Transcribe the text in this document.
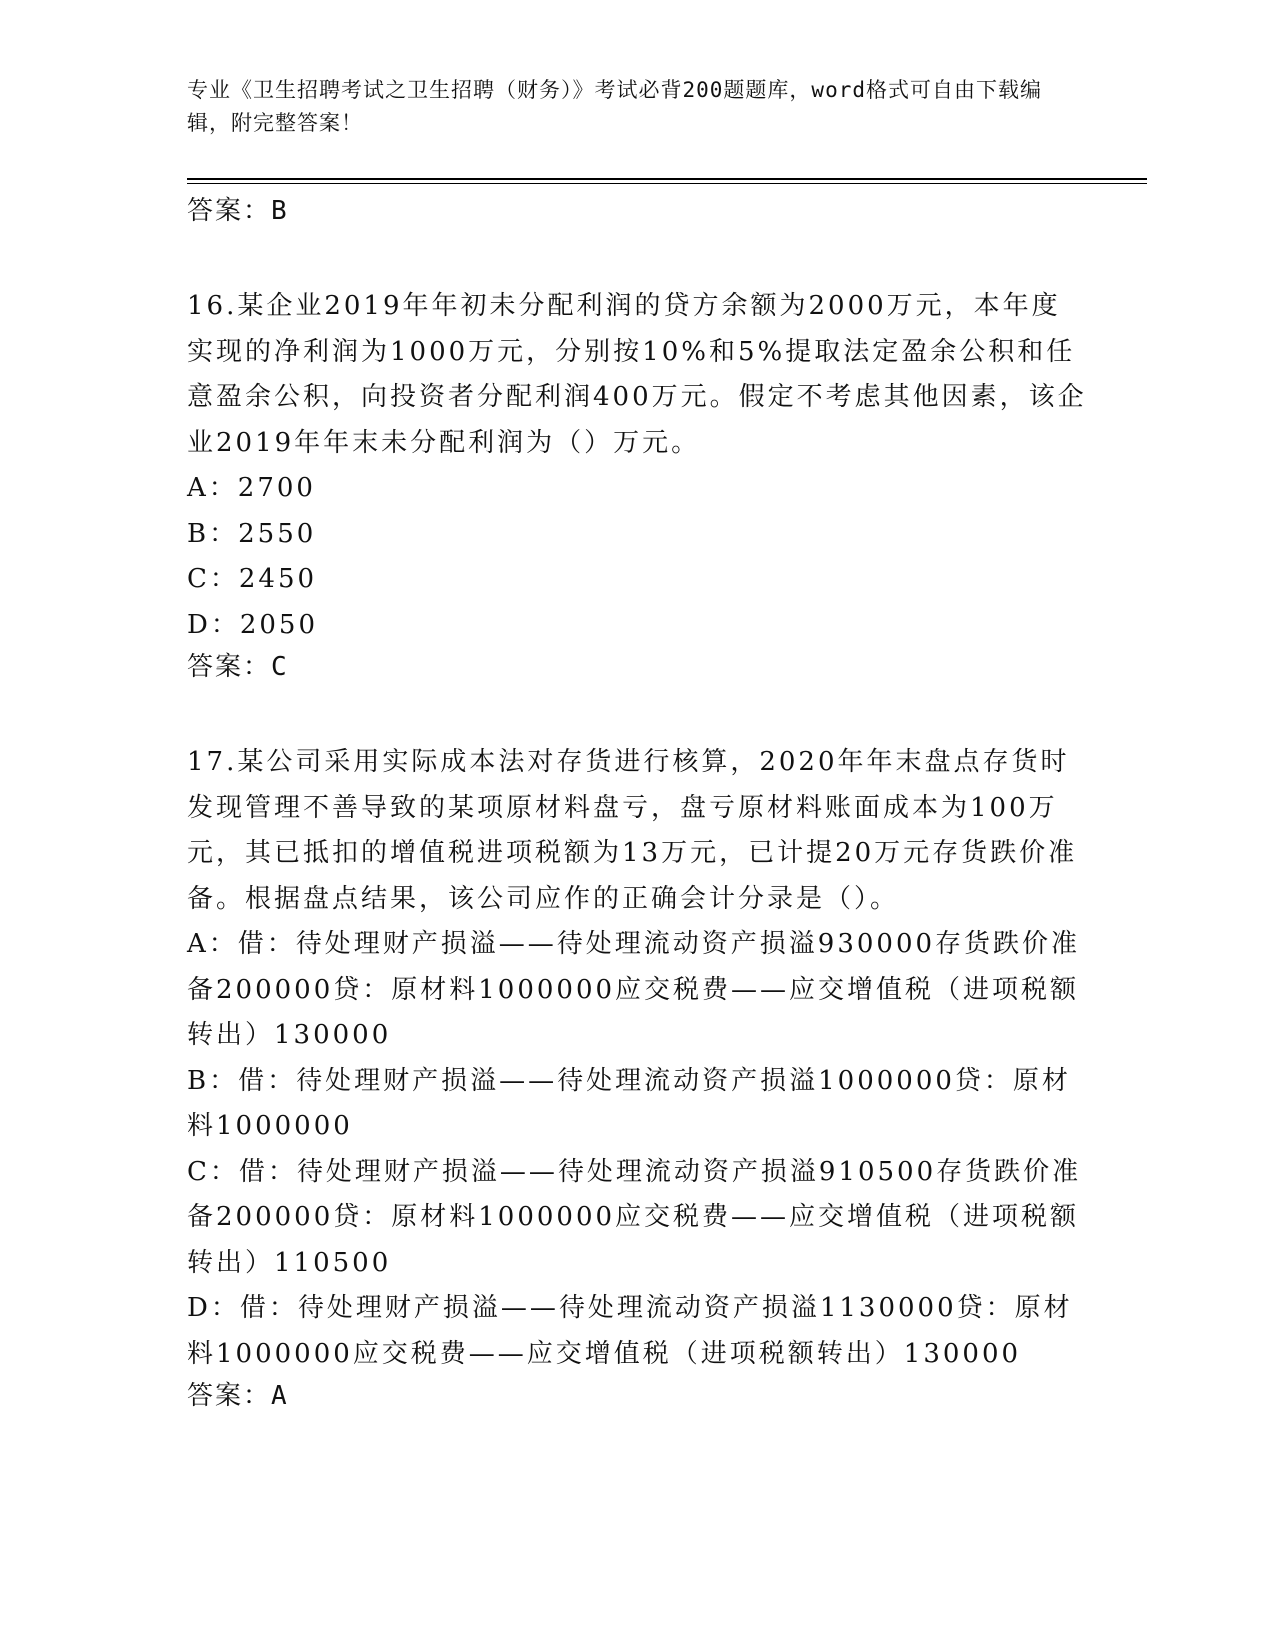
专业《卫生招聘考试之卫生招聘（财务）》考试必背200题题库，word格式可自由下载编辑，附完整答案！

答案：B

16.某企业2019年年初未分配利润的贷方余额为2000万元，本年度实现的净利润为1000万元，分别按10%和5%提取法定盈余公积和任意盈余公积，向投资者分配利润400万元。假定不考虑其他因素，该企业2019年年末未分配利润为（）万元。

A：2700

B：2550

C：2450

D：2050

答案：C

17.某公司采用实际成本法对存货进行核算，2020年年末盘点存货时发现管理不善导致的某项原材料盘亏，盘亏原材料账面成本为100万元，其已抵扣的增值税进项税额为13万元，已计提20万元存货跌价准备。根据盘点结果，该公司应作的正确会计分录是（）。

A：借：待处理财产损溢——待处理流动资产损溢930000存货跌价准备200000贷：原材料1000000应交税费——应交增值税（进项税额转出）130000

B：借：待处理财产损溢——待处理流动资产损溢1000000贷：原材料1000000

C：借：待处理财产损溢——待处理流动资产损溢910500存货跌价准备200000贷：原材料1000000应交税费——应交增值税（进项税额转出）110500

D：借：待处理财产损溢——待处理流动资产损溢1130000贷：原材料1000000应交税费——应交增值税（进项税额转出）130000

答案：A
